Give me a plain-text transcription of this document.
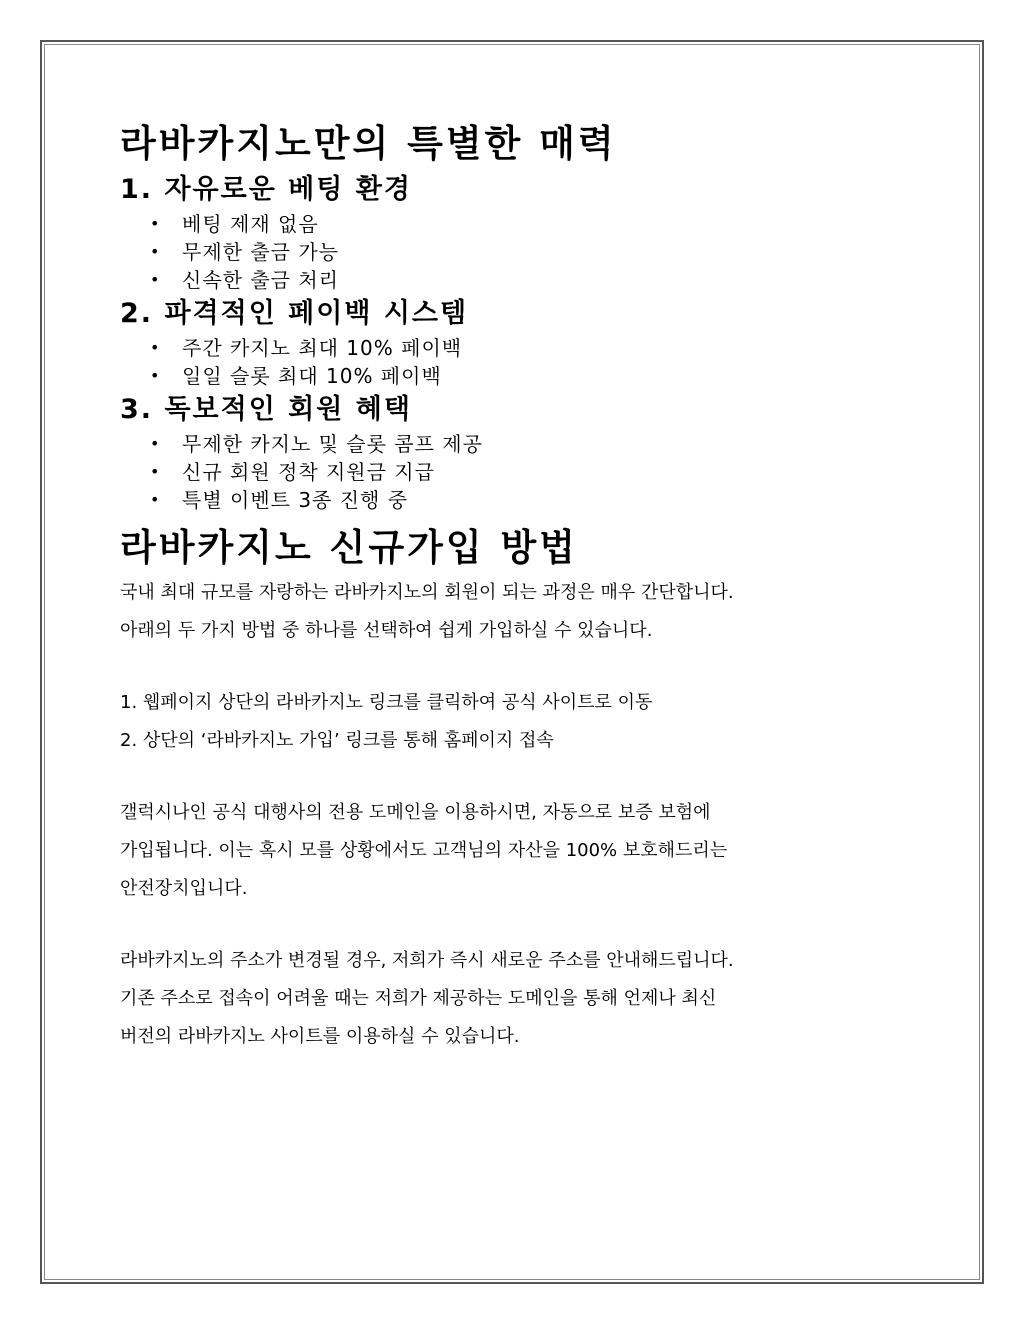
라바카지노만의 특별한 매력
1. 자유로운 베팅 환경
• 베팅 제재 없음
• 무제한 출금 가능
• 신속한 출금 처리
2. 파격적인 페이백 시스템
• 주간 카지노 최대 10% 페이백
• 일일 슬롯 최대 10% 페이백
3. 독보적인 회원 혜택
• 무제한 카지노 및 슬롯 콤프 제공
• 신규 회원 정착 지원금 지급
• 특별 이벤트 3종 진행 중
라바카지노 신규가입 방법

국내 최대 규모를 자랑하는 라바카지노의 회원이 되는 과정은 매우 간단합니다.

아래의 두 가지 방법 중 하나를 선택하여 쉽게 가입하실 수 있습니다.

1. 웹페이지 상단의 라바카지노 링크를 클릭하여 공식 사이트로 이동

2. 상단의 ‘라바카지노 가입’ 링크를 통해 홈페이지 접속

갤럭시나인 공식 대행사의 전용 도메인을 이용하시면, 자동으로 보증 보험에

가입됩니다. 이는 혹시 모를 상황에서도 고객님의 자산을 100% 보호해드리는

안전장치입니다.

라바카지노의 주소가 변경될 경우, 저희가 즉시 새로운 주소를 안내해드립니다.

기존 주소로 접속이 어려울 때는 저희가 제공하는 도메인을 통해 언제나 최신

버전의 라바카지노 사이트를 이용하실 수 있습니다.
